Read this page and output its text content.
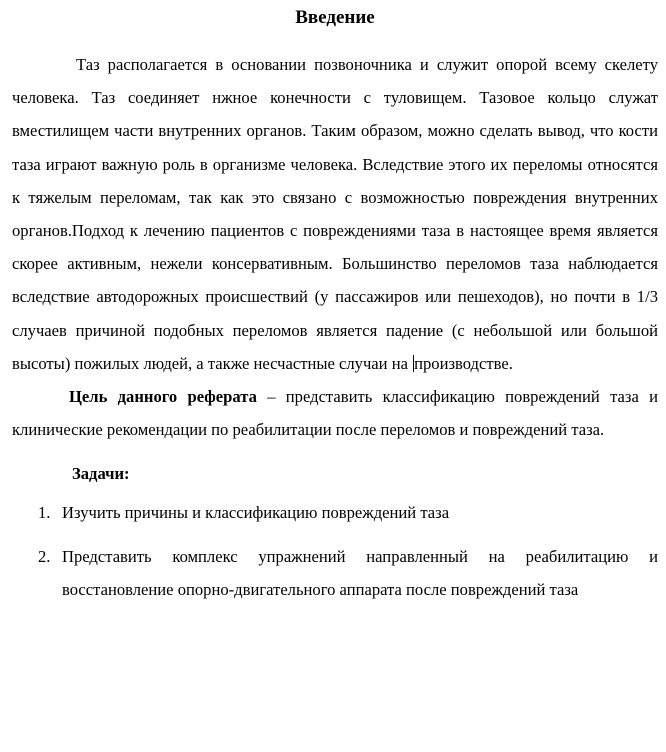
Введение

Таз располагается в основании позвоночника и служит опорой всему скелету человека. Таз соединяет нжное конечности с туловищем. Тазовое кольцо служат вместилищем части внутренних органов. Таким образом, можно сделать вывод, что кости таза играют важную роль в организме человека. Вследствие этого их переломы относятся к тяжелым переломам, так как это связано с возможностью повреждения внутренних органов.Подход к лечению пациентов с повреждениями таза в настоящее время является скорее активным, нежели консервативным. Большинство переломов таза наблюдается вследствие автодорожных происшествий (у пассажиров или пешеходов), но почти в 1/3 случаев причиной подобных переломов является падение (с небольшой или большой высоты) пожилых людей, а также несчастные случаи на производстве.

Цель данного реферата – представить классификацию повреждений таза и клинические рекомендации по реабилитации после переломов и повреждений таза.

Задачи:

1. Изучить причины и классификацию повреждений таза
2. Представить комплекс упражнений направленный на реабилитацию и восстановление опорно-двигательного аппарата после повреждений таза
